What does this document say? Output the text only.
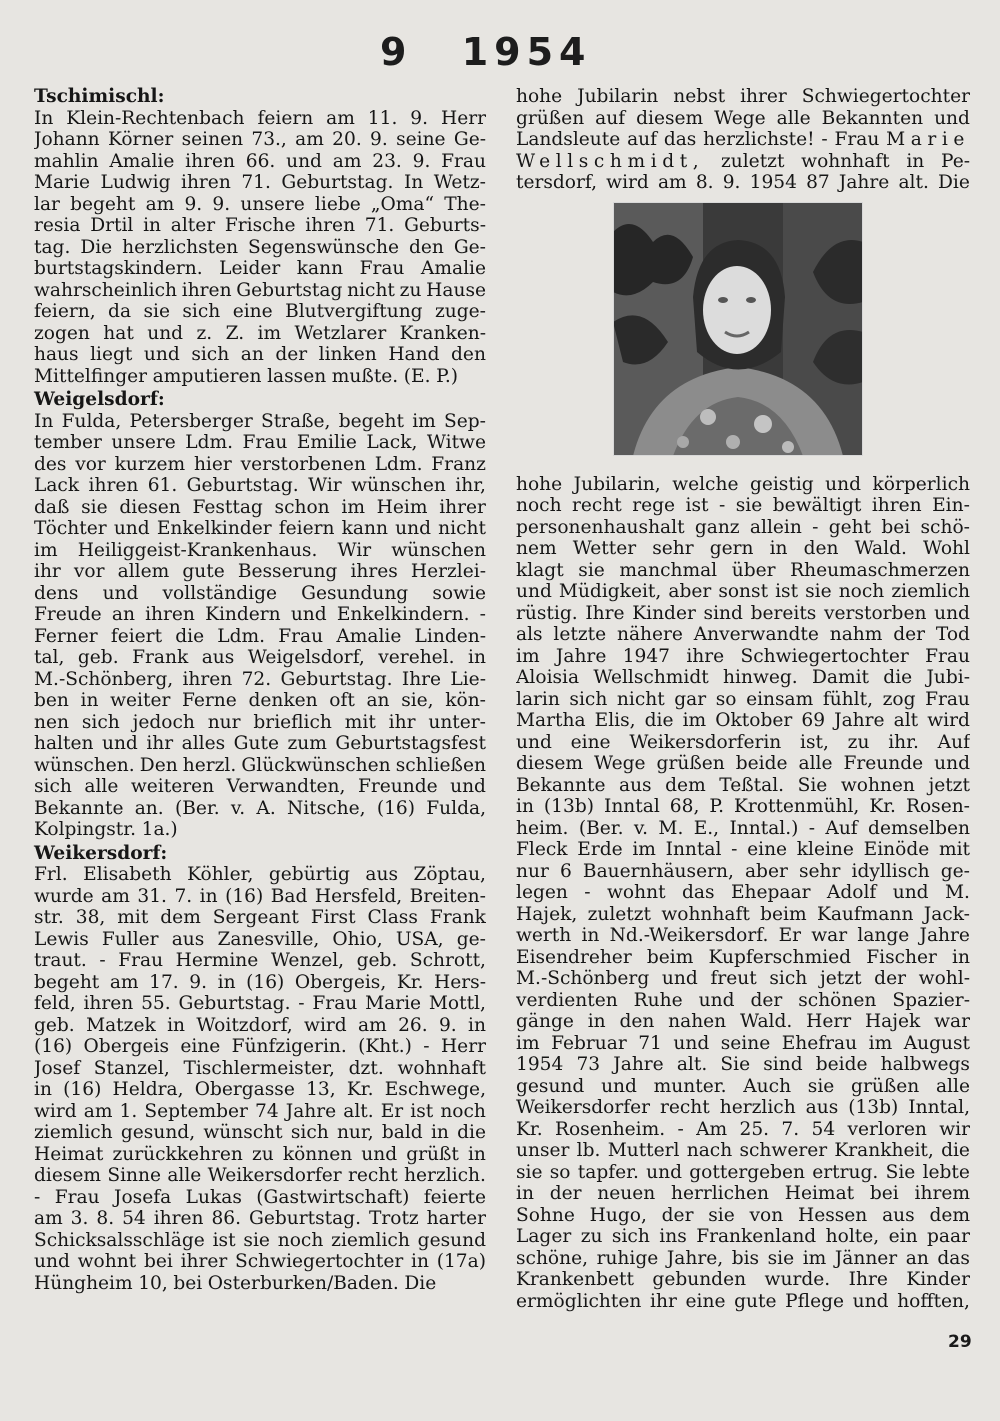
9 1954
Tschimischl:
In Klein-Rechtenbach feiern am 11. 9. Herr
Johann Körner seinen 73., am 20. 9. seine Ge-
mahlin Amalie ihren 66. und am 23. 9. Frau
Marie Ludwig ihren 71. Geburtstag. In Wetz-
lar begeht am 9. 9. unsere liebe „Oma“ The-
resia Drtil in alter Frische ihren 71. Geburts-
tag. Die herzlichsten Segenswünsche den Ge-
burtstagskindern. Leider kann Frau Amalie
wahrscheinlich ihren Geburtstag nicht zu Hause
feiern, da sie sich eine Blutvergiftung zuge-
zogen hat und z. Z. im Wetzlarer Kranken-
haus liegt und sich an der linken Hand den
Mittelfinger amputieren lassen mußte. (E. P.)
Weigelsdorf:
In Fulda, Petersberger Straße, begeht im Sep-
tember unsere Ldm. Frau Emilie Lack, Witwe
des vor kurzem hier verstorbenen Ldm. Franz
Lack ihren 61. Geburtstag. Wir wünschen ihr,
daß sie diesen Festtag schon im Heim ihrer
Töchter und Enkelkinder feiern kann und nicht
im Heiliggeist-Krankenhaus. Wir wünschen
ihr vor allem gute Besserung ihres Herzlei-
dens und vollständige Gesundung sowie
Freude an ihren Kindern und Enkelkindern. -
Ferner feiert die Ldm. Frau Amalie Linden-
tal, geb. Frank aus Weigelsdorf, verehel. in
M.-Schönberg, ihren 72. Geburtstag. Ihre Lie-
ben in weiter Ferne denken oft an sie, kön-
nen sich jedoch nur brieflich mit ihr unter-
halten und ihr alles Gute zum Geburtstagsfest
wünschen. Den herzl. Glückwünschen schließen
sich alle weiteren Verwandten, Freunde und
Bekannte an. (Ber. v. A. Nitsche, (16) Fulda,
Kolpingstr. 1a.)
Weikersdorf:
Frl. Elisabeth Köhler, gebürtig aus Zöptau,
wurde am 31. 7. in (16) Bad Hersfeld, Breiten-
str. 38, mit dem Sergeant First Class Frank
Lewis Fuller aus Zanesville, Ohio, USA, ge-
traut. - Frau Hermine Wenzel, geb. Schrott,
begeht am 17. 9. in (16) Obergeis, Kr. Hers-
feld, ihren 55. Geburtstag. - Frau Marie Mottl,
geb. Matzek in Woitzdorf, wird am 26. 9. in
(16) Obergeis eine Fünfzigerin. (Kht.) - Herr
Josef Stanzel, Tischlermeister, dzt. wohnhaft
in (16) Heldra, Obergasse 13, Kr. Eschwege,
wird am 1. September 74 Jahre alt. Er ist noch
ziemlich gesund, wünscht sich nur, bald in die
Heimat zurückkehren zu können und grüßt in
diesem Sinne alle Weikersdorfer recht herzlich.
- Frau Josefa Lukas (Gastwirtschaft) feierte
am 3. 8. 54 ihren 86. Geburtstag. Trotz harter
Schicksalsschläge ist sie noch ziemlich gesund
und wohnt bei ihrer Schwiegertochter in (17a)
Hüngheim 10, bei Osterburken/Baden. Die
hohe Jubilarin nebst ihrer Schwiegertochter
grüßen auf diesem Wege alle Bekannten und
Landsleute auf das herzlichste! - Frau Marie
Wellschmidt, zuletzt wohnhaft in Pe-
tersdorf, wird am 8. 9. 1954 87 Jahre alt. Die
hohe Jubilarin, welche geistig und körperlich
noch recht rege ist - sie bewältigt ihren Ein-
personenhaushalt ganz allein - geht bei schö-
nem Wetter sehr gern in den Wald. Wohl
klagt sie manchmal über Rheumaschmerzen
und Müdigkeit, aber sonst ist sie noch ziemlich
rüstig. Ihre Kinder sind bereits verstorben und
als letzte nähere Anverwandte nahm der Tod
im Jahre 1947 ihre Schwiegertochter Frau
Aloisia Wellschmidt hinweg. Damit die Jubi-
larin sich nicht gar so einsam fühlt, zog Frau
Martha Elis, die im Oktober 69 Jahre alt wird
und eine Weikersdorferin ist, zu ihr. Auf
diesem Wege grüßen beide alle Freunde und
Bekannte aus dem Teßtal. Sie wohnen jetzt
in (13b) Inntal 68, P. Krottenmühl, Kr. Rosen-
heim. (Ber. v. M. E., Inntal.) - Auf demselben
Fleck Erde im Inntal - eine kleine Einöde mit
nur 6 Bauernhäusern, aber sehr idyllisch ge-
legen - wohnt das Ehepaar Adolf und M.
Hajek, zuletzt wohnhaft beim Kaufmann Jack-
werth in Nd.-Weikersdorf. Er war lange Jahre
Eisendreher beim Kupferschmied Fischer in
M.-Schönberg und freut sich jetzt der wohl-
verdienten Ruhe und der schönen Spazier-
gänge in den nahen Wald. Herr Hajek war
im Februar 71 und seine Ehefrau im August
1954 73 Jahre alt. Sie sind beide halbwegs
gesund und munter. Auch sie grüßen alle
Weikersdorfer recht herzlich aus (13b) Inntal,
Kr. Rosenheim. - Am 25. 7. 54 verloren wir
unser lb. Mutterl nach schwerer Krankheit, die
sie so tapfer. und gottergeben ertrug. Sie lebte
in der neuen herrlichen Heimat bei ihrem
Sohne Hugo, der sie von Hessen aus dem
Lager zu sich ins Frankenland holte, ein paar
schöne, ruhige Jahre, bis sie im Jänner an das
Krankenbett gebunden wurde. Ihre Kinder
ermöglichten ihr eine gute Pflege und hofften,
29
